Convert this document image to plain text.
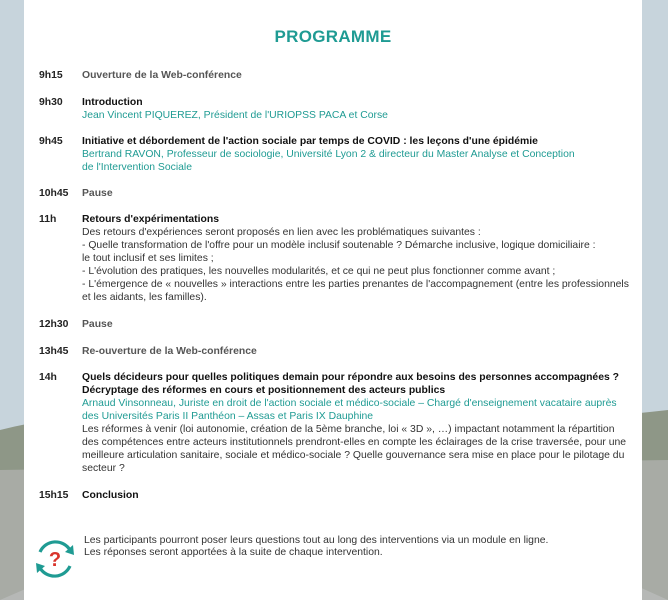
PROGRAMME
9h15	Ouverture de la Web-conférence
9h30	Introduction
Jean Vincent PIQUEREZ, Président de l'URIOPSS PACA et Corse
9h45	Initiative et débordement de l'action sociale par temps de COVID : les leçons d'une épidémie
Bertrand RAVON, Professeur de sociologie, Université Lyon 2 & directeur du Master Analyse et Conception
de l'Intervention Sociale
10h45	Pause
11h	Retours d'expérimentations
Des retours d'expériences seront proposés en lien avec les problématiques suivantes :
- Quelle transformation de l'offre pour un modèle inclusif soutenable ? Démarche inclusive, logique domiciliaire :
le tout inclusif et ses limites ;
- L'évolution des pratiques, les nouvelles modularités, et ce qui ne peut plus fonctionner comme avant ;
- L'émergence de « nouvelles » interactions entre les parties prenantes de l'accompagnement (entre les professionnels
et les aidants, les familles).
12h30	Pause
13h45	Re-ouverture de la Web-conférence
14h	Quels décideurs pour quelles politiques demain pour répondre aux besoins des personnes accompagnées ?
Décryptage des réformes en cours et positionnement des acteurs publics
Arnaud Vinsonneau, Juriste en droit de l'action sociale et médico-sociale – Chargé d'enseignement vacataire auprès
des Universités Paris II Panthéon – Assas et Paris IX Dauphine
Les réformes à venir (loi autonomie, création de la 5ème branche, loi « 3D », …) impactant notamment la répartition
des compétences entre acteurs institutionnels prendront-elles en compte les éclairages de la crise traversée, pour une
meilleure articulation sanitaire, sociale et médico-sociale ? Quelle gouvernance sera mise en place pour le pilotage du
secteur ?
15h15	Conclusion
?
Les participants pourront poser leurs questions tout au long des interventions via un module en ligne.
Les réponses seront apportées à la suite de chaque intervention.
